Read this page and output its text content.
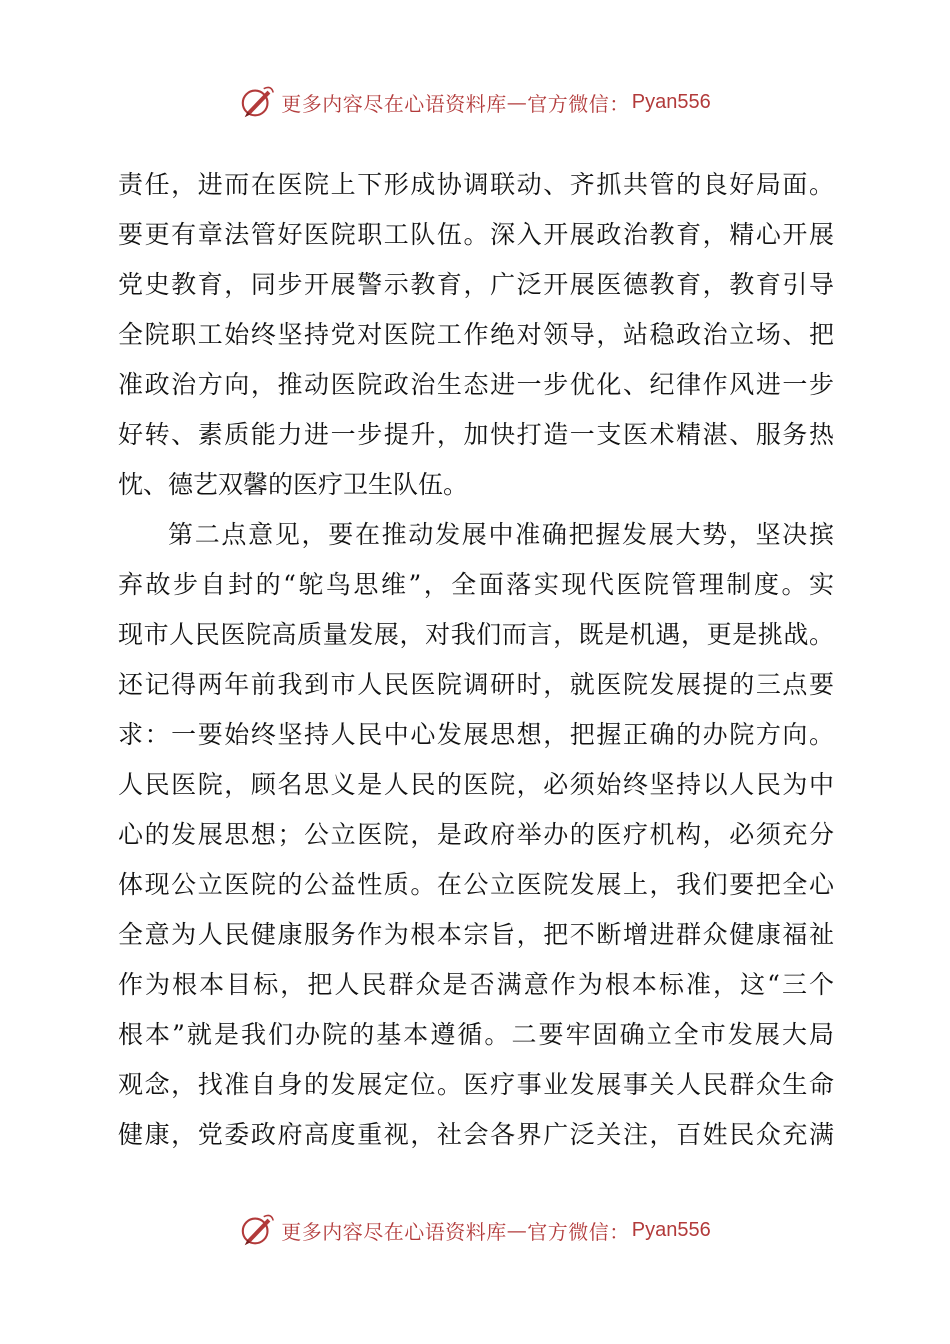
更多内容尽在心语资料库 — 官方微信： Pyan556
责任，进而在医院上下形成协调联动、齐抓共管的良好局面。
要更有章法管好医院职工队伍。深入开展政治教育，精心开展
党史教育，同步开展警示教育，广泛开展医德教育，教育引导
全院职工始终坚持党对医院工作绝对领导，站稳政治立场、把
准政治方向，推动医院政治生态进一步优化、纪律作风进一步
好转、素质能力进一步提升，加快打造一支医术精湛、服务热
忱、德艺双馨的医疗卫生队伍。
第二点意见，要在推动发展中准确把握发展大势，坚决摈
弃故步自封的“鸵鸟思维”，全面落实现代医院管理制度。实
现市人民医院高质量发展，对我们而言，既是机遇，更是挑战。
还记得两年前我到市人民医院调研时，就医院发展提的三点要
求：一要始终坚持人民中心发展思想，把握正确的办院方向。
人民医院，顾名思义是人民的医院，必须始终坚持以人民为中
心的发展思想；公立医院，是政府举办的医疗机构，必须充分
体现公立医院的公益性质。在公立医院发展上，我们要把全心
全意为人民健康服务作为根本宗旨，把不断增进群众健康福祉
作为根本目标，把人民群众是否满意作为根本标准，这“三个
根本”就是我们办院的基本遵循。二要牢固确立全市发展大局
观念，找准自身的发展定位。医疗事业发展事关人民群众生命
健康，党委政府高度重视，社会各界广泛关注，百姓民众充满
更多内容尽在心语资料库 — 官方微信： Pyan556
